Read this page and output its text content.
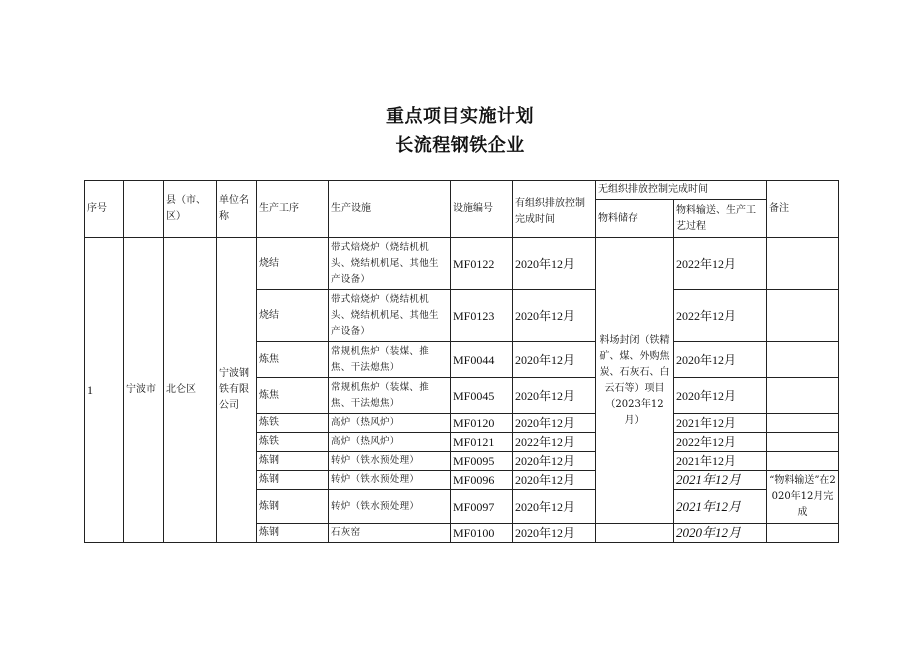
重点项目实施计划
长流程钢铁企业
序号		县（市、区）	单位名称	生产工序	生产设施	设施编号	有组织排放控制完成时间	无组织排放控制完成时间		备注
								物料储存	物料输送、生产工艺过程	
1	宁波市	北仑区	宁波钢铁有限公司	烧结	带式焙烧炉（烧结机机头、烧结机机尾、其他生产设备）	MF0122	2020年12月	料场封闭（铁精矿、煤、外购焦炭、石灰石、白云石等）项目（2023年12月）	2022年12月	
				烧结	带式焙烧炉（烧结机机头、烧结机机尾、其他生产设备）	MF0123	2020年12月		2022年12月	
				炼焦	常规机焦炉（装煤、推焦、干法熄焦）	MF0044	2020年12月		2020年12月	
				炼焦	常规机焦炉（装煤、推焦、干法熄焦）	MF0045	2020年12月		2020年12月	
				炼铁	高炉（热风炉）	MF0120	2020年12月		2021年12月	
				炼铁	高炉（热风炉）	MF0121	2022年12月		2022年12月	
				炼钢	转炉（铁水预处理）	MF0095	2020年12月		2021年12月	
				炼钢	转炉（铁水预处理）	MF0096	2020年12月		2021年12月	“物料输送”在2020年12月完成
				炼钢	转炉（铁水预处理）	MF0097	2020年12月		2021年12月	
				炼钢	石灰窑	MF0100	2020年12月		2020年12月	
